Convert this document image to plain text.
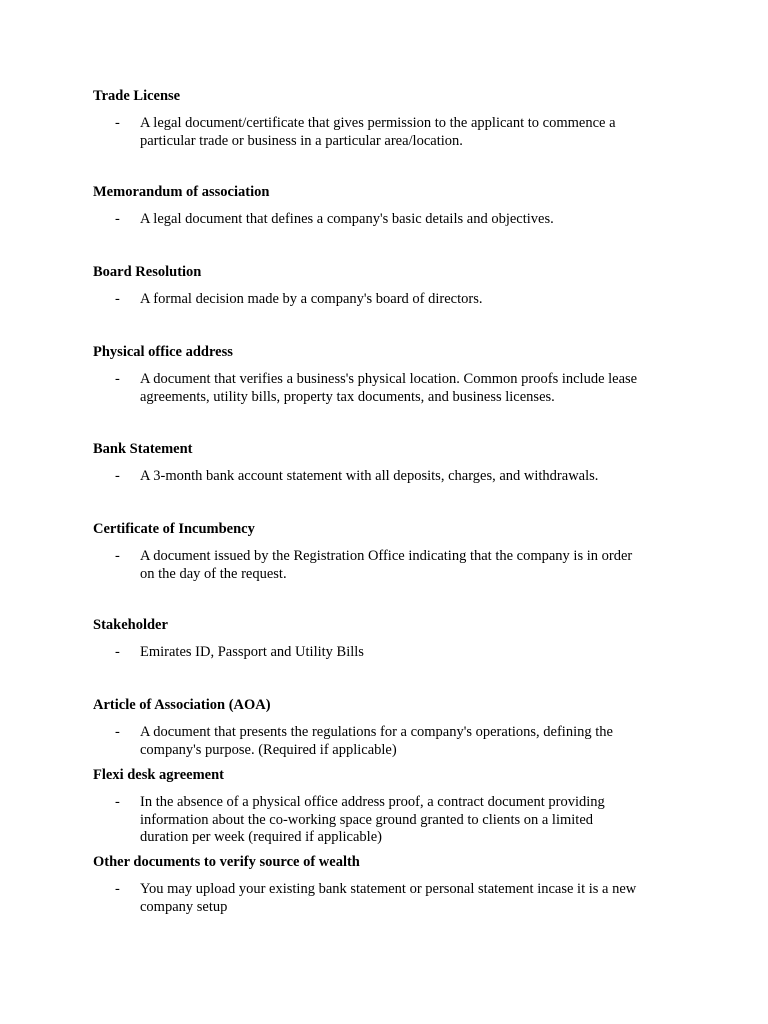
Trade License

- A legal document/certificate that gives permission to the applicant to commence a
particular trade or business in a particular area/location.

Memorandum of association

- A legal document that defines a company's basic details and objectives.

Board Resolution

- A formal decision made by a company's board of directors.

Physical office address

- A document that verifies a business's physical location. Common proofs include lease
agreements, utility bills, property tax documents, and business licenses.

Bank Statement

- A 3-month bank account statement with all deposits, charges, and withdrawals.

Certificate of Incumbency

- A document issued by the Registration Office indicating that the company is in order
on the day of the request.

Stakeholder

- Emirates ID, Passport and Utility Bills

Article of Association (AOA)

- A document that presents the regulations for a company's operations, defining the
company's purpose. (Required if applicable)

Flexi desk agreement

- In the absence of a physical office address proof, a contract document providing
information about the co-working space ground granted to clients on a limited
duration per week (required if applicable)

Other documents to verify source of wealth

- You may upload your existing bank statement or personal statement incase it is a new
company setup
